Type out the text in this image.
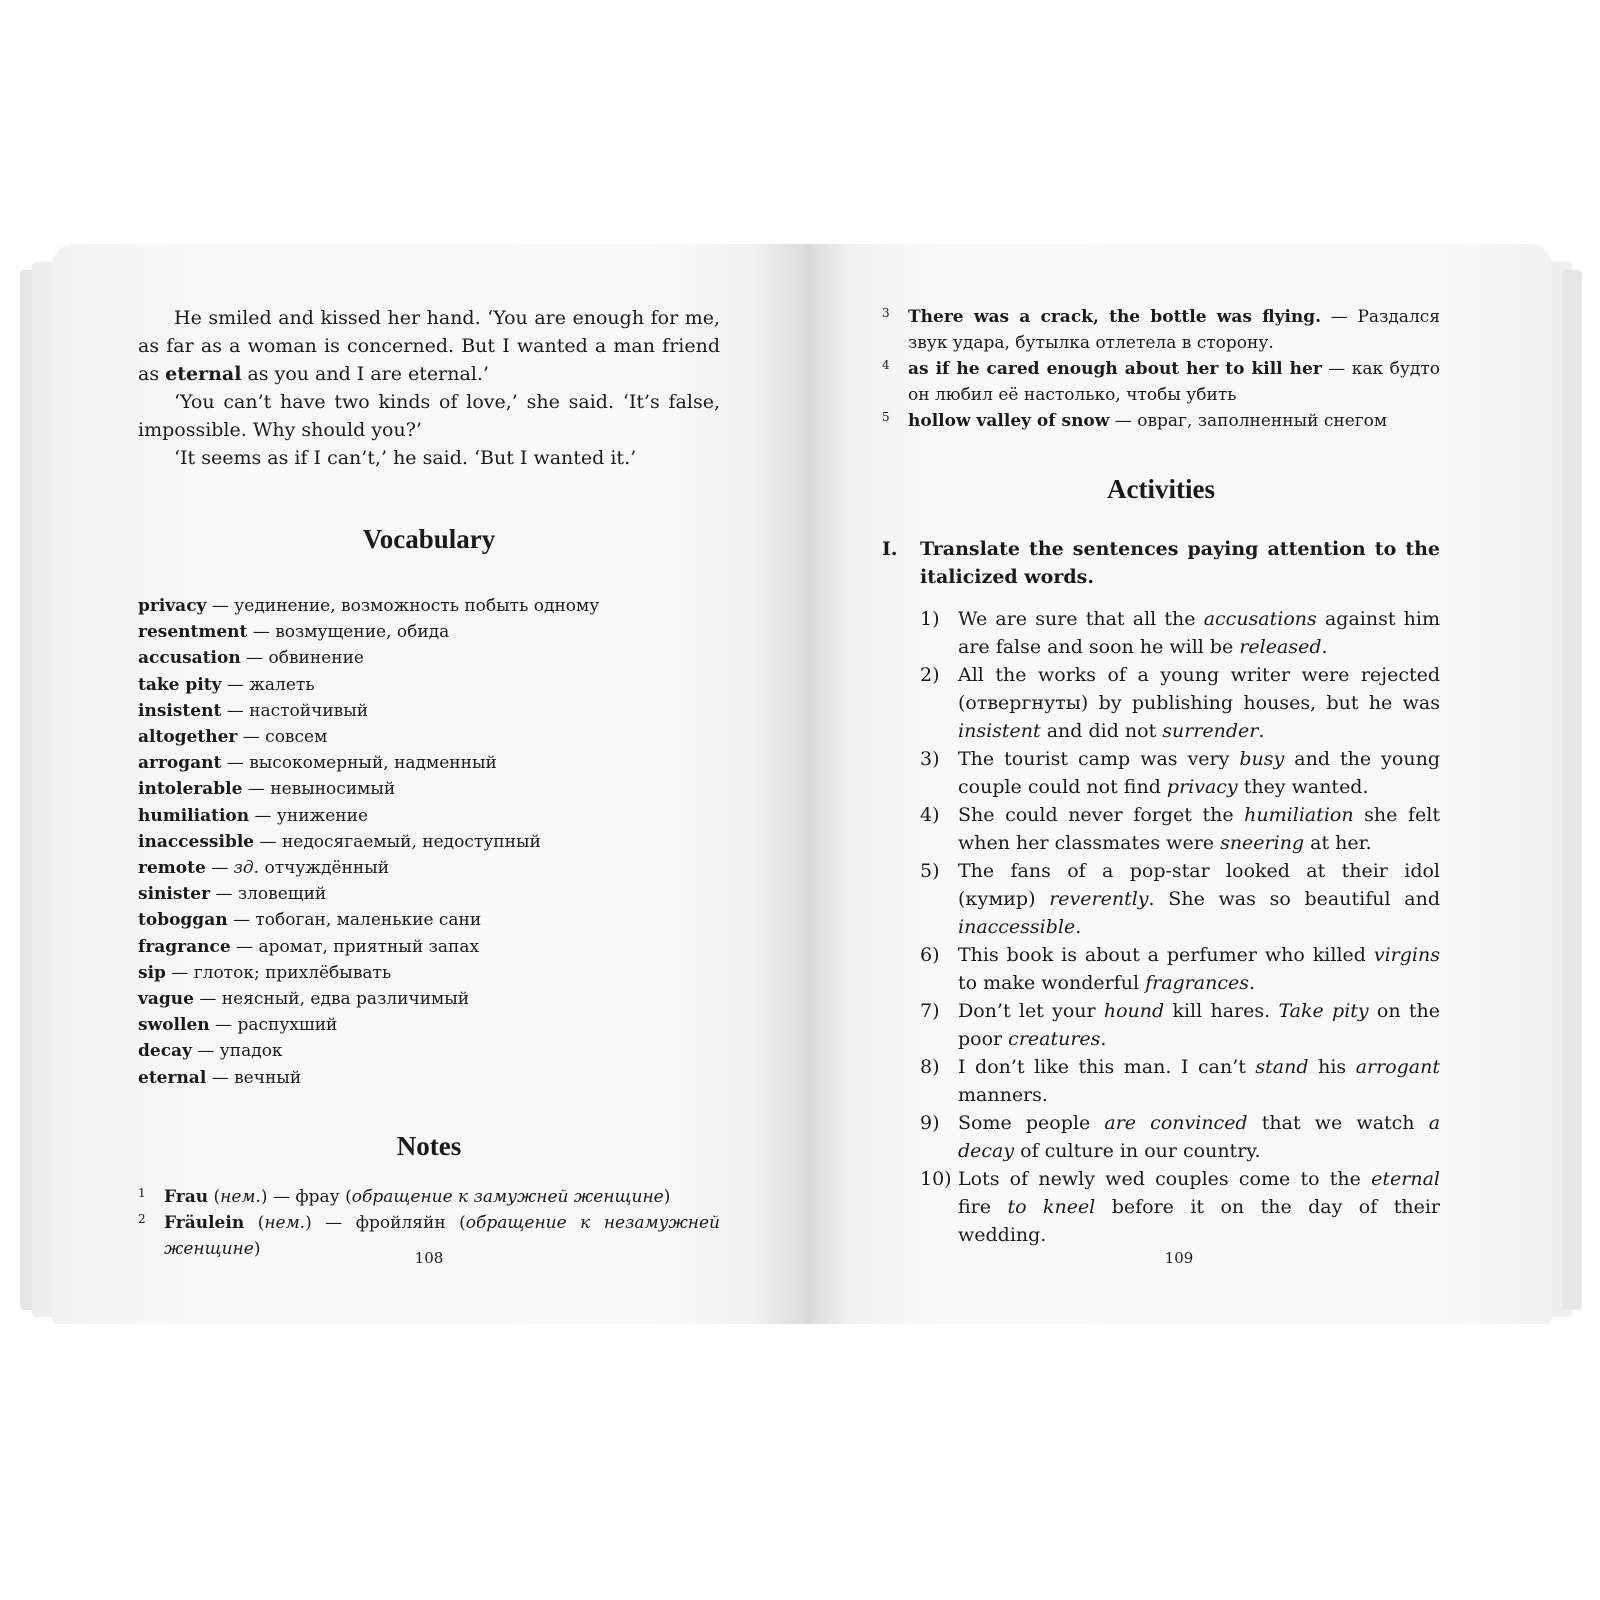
He smiled and kissed her hand. ‘You are enough for me, as far as a woman is concerned. But I wanted a man friend as eternal as you and I are eternal.’

‘You can’t have two kinds of love,’ she said. ‘It’s false, impossible. Why should you?’

‘It seems as if I can’t,’ he said. ‘But I wanted it.’

Vocabulary
privacy — уединение, возможность побыть одному
resentment — возмущение, обида
accusation — обвинение
take pity — жалеть
insistent — настойчивый
altogether — совсем
arrogant — высокомерный, надменный
intolerable — невыносимый
humiliation — унижение
inaccessible — недосягаемый, недоступный
remote — зд. отчуждённый
sinister — зловещий
toboggan — тобоган, маленькие сани
fragrance — аромат, приятный запах
sip — глоток; прихлёбывать
vague — неясный, едва различимый
swollen — распухший
decay — упадок
eternal — вечный
Notes
1 Frau (нем.) — фрау (обращение к замужней женщине)
2 Fräulein (нем.) — фройляйн (обращение к незамужней женщине)	108
3 There was a crack, the bottle was flying. — Раздался звук удара, бутылка отлетела в сторону.
4 as if he cared enough about her to kill her — как будто он любил её настолько, чтобы убить
5 hollow valley of snow — овраг, заполненный снегом
Activities
I. Translate the sentences paying attention to the italicized words.
1) We are sure that all the accusations against him are false and soon he will be released.
2) All the works of a young writer were rejected (отвергнуты) by publishing houses, but he was insistent and did not surrender.
3) The tourist camp was very busy and the young couple could not find privacy they wanted.
4) She could never forget the humiliation she felt when her classmates were sneering at her.
5) The fans of a pop-star looked at their idol (кумир) reverently. She was so beautiful and inaccessible.
6) This book is about a perfumer who killed virgins to make wonderful fragrances.
7) Don’t let your hound kill hares. Take pity on the poor creatures.
8) I don’t like this man. I can’t stand his arrogant manners.
9) Some people are convinced that we watch a decay of culture in our country.
10) Lots of newly wed couples come to the eternal fire to kneel before it on the day of their wedding.
109
